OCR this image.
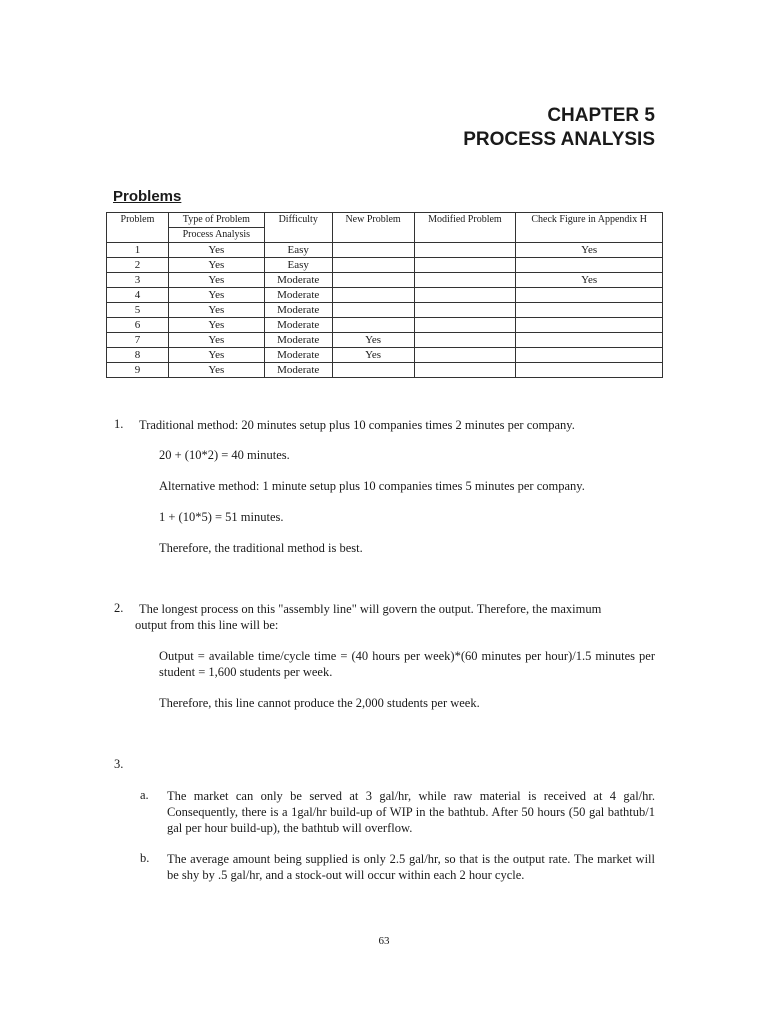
CHAPTER 5
PROCESS ANALYSIS
Problems
Problem	Type of Problem	Difficulty	New Problem	Modified Problem	Check Figure in Appendix H
	Process Analysis				
1	Yes	Easy			Yes
2	Yes	Easy			
3	Yes	Moderate			Yes
4	Yes	Moderate			
5	Yes	Moderate			
6	Yes	Moderate			
7	Yes	Moderate	Yes		
8	Yes	Moderate	Yes		
9	Yes	Moderate			
1. Traditional method: 20 minutes setup plus 10 companies times 2 minutes per company.
20 + (10*2) = 40 minutes.
Alternative method: 1 minute setup plus 10 companies times 5 minutes per company.
1 + (10*5) = 51 minutes.
Therefore, the traditional method is best.
2. The longest process on this "assembly line" will govern the output. Therefore, the maximum
output from this line will be:
Output = available time/cycle time = (40 hours per week)*(60 minutes per hour)/1.5 minutes per student = 1,600 students per week.
Therefore, this line cannot produce the 2,000 students per week.
3.
a. The market can only be served at 3 gal/hr, while raw material is received at 4 gal/hr. Consequently, there is a 1gal/hr build-up of WIP in the bathtub. After 50 hours (50 gal bathtub/1 gal per hour build-up), the bathtub will overflow.
b. The average amount being supplied is only 2.5 gal/hr, so that is the output rate. The market will be shy by .5 gal/hr, and a stock-out will occur within each 2 hour cycle.
63
